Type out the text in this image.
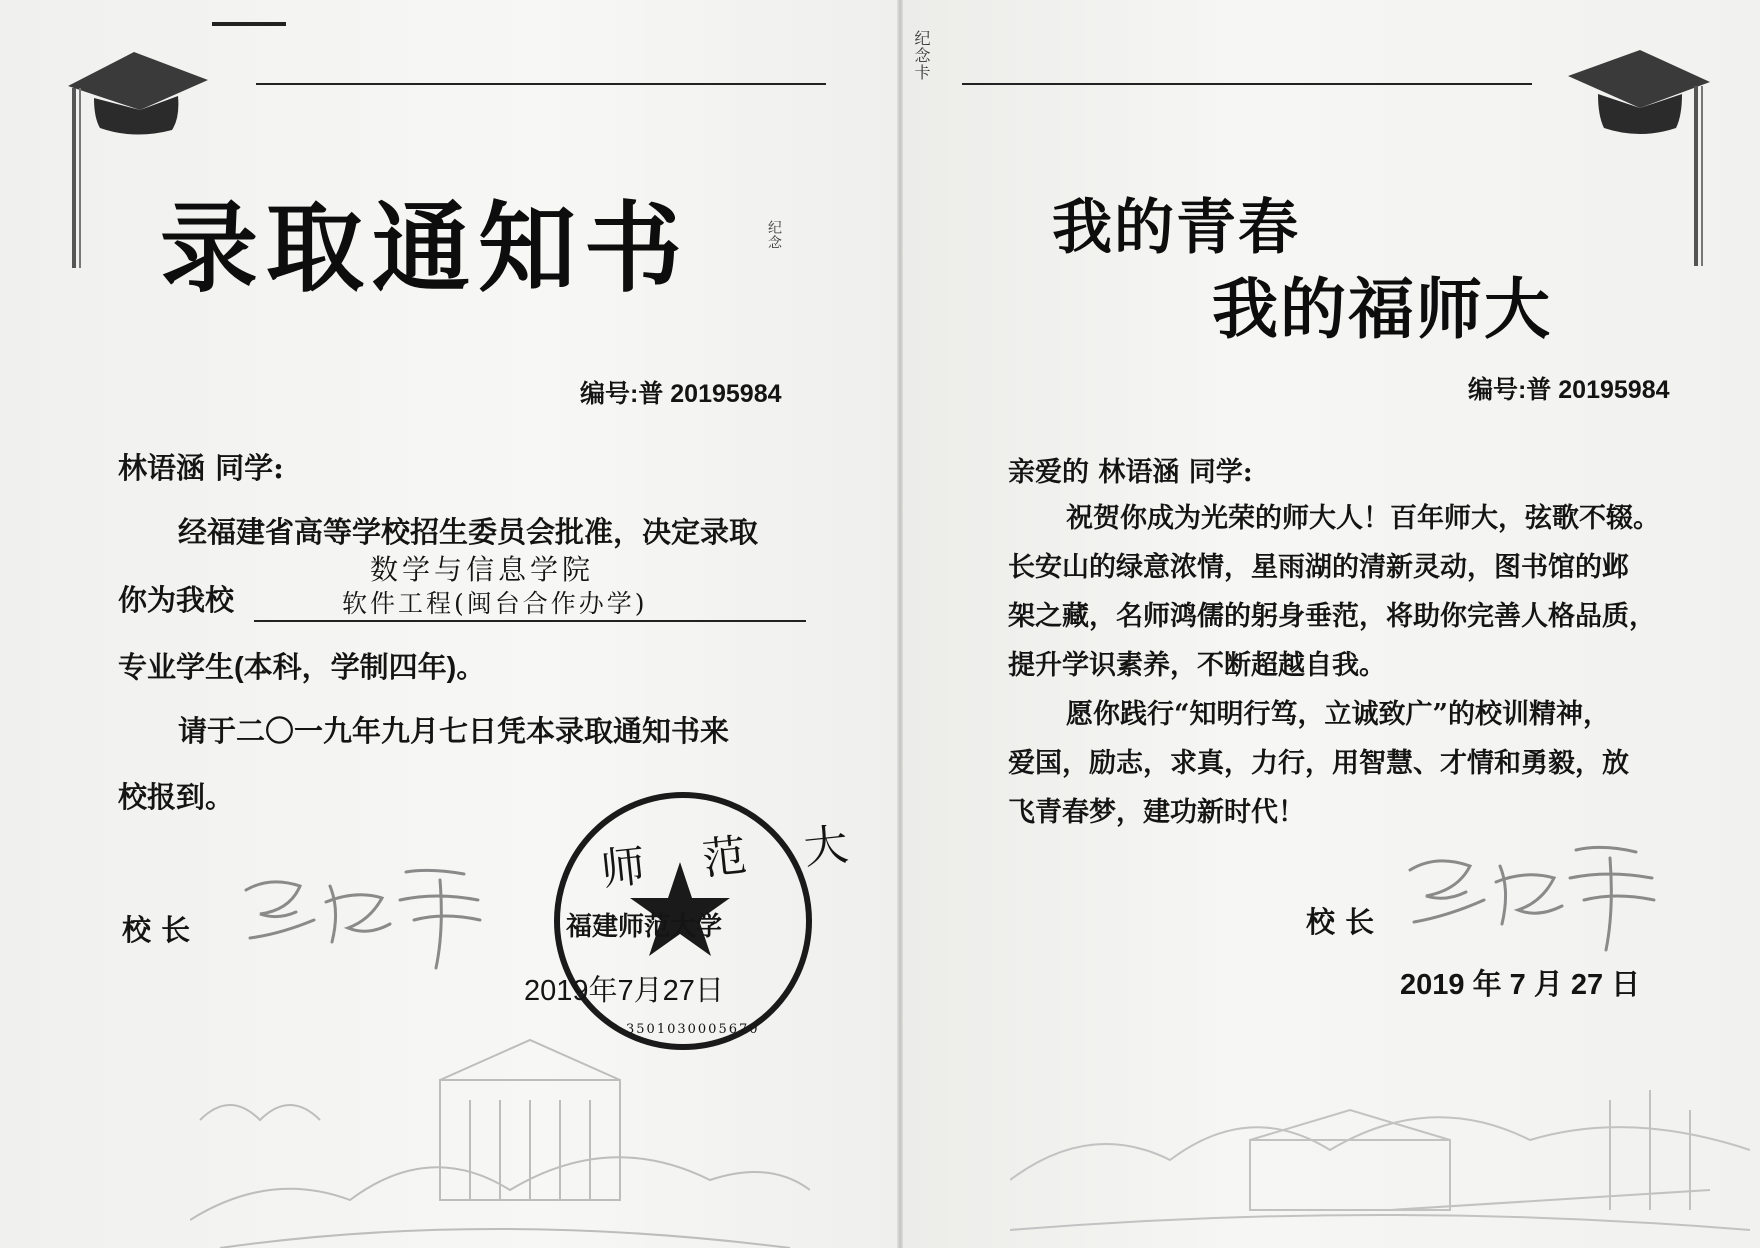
录取通知书	纪念
编号:普 20195984
林语涵 同学:
经福建省高等学校招生委员会批准，决定录取
你为我校
数学与信息学院
软件工程(闽台合作办学)
专业学生(本科，学制四年)。
请于二〇一九年九月七日凭本录取通知书来
校报到。
校 长
师 范 大
福建师范大学
3501030005670
2019年7月27日
纪念卡
我的青春
我的福师大
编号:普 20195984
亲爱的 林语涵 同学:
祝贺你成为光荣的师大人！百年师大，弦歌不辍。
长安山的绿意浓情，星雨湖的清新灵动，图书馆的邺
架之藏，名师鸿儒的躬身垂范，将助你完善人格品质，
提升学识素养，不断超越自我。
愿你践行“知明行笃，立诚致广”的校训精神，
爱国，励志，求真，力行，用智慧、才情和勇毅，放
飞青春梦，建功新时代！
校 长
2019 年 7 月 27 日
